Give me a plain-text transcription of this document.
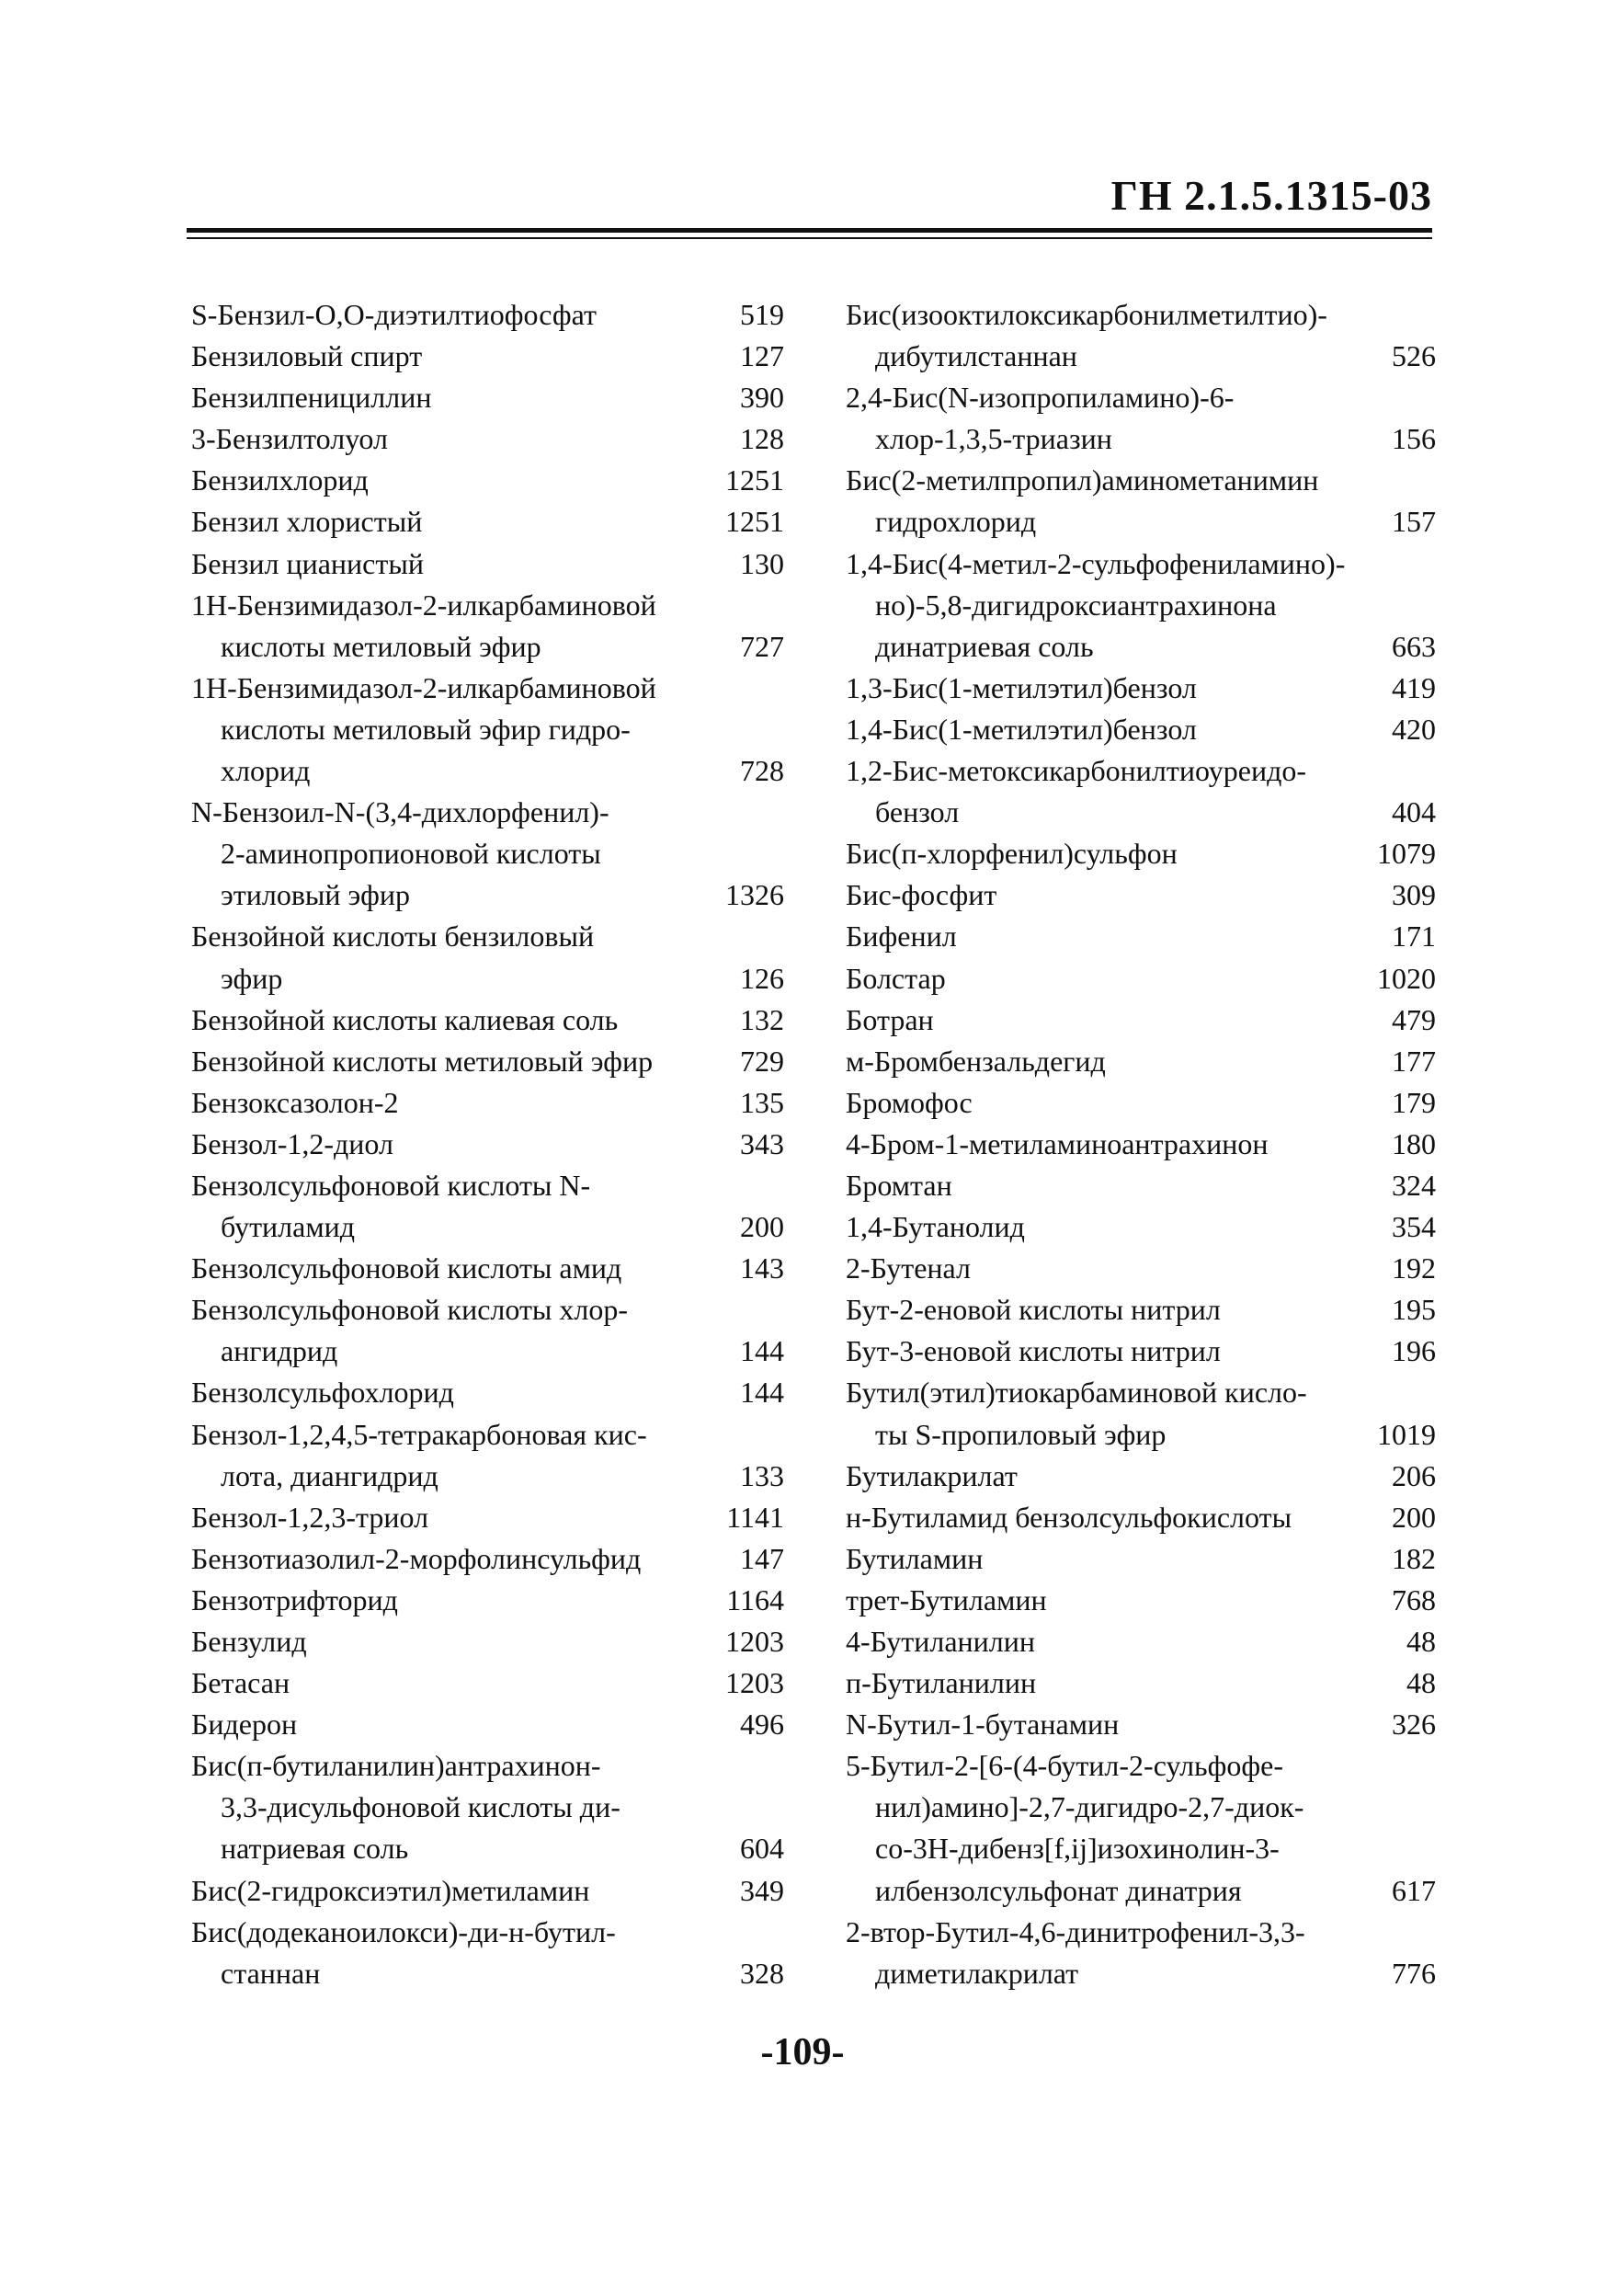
ГН 2.1.5.1315-03
S-Бензил-О,О-диэтилтиофосфат	519
Бензиловый спирт	127
Бензилпенициллин	390
3-Бензилтолуол	128
Бензилхлорид	1251
Бензил хлористый	1251
Бензил цианистый	130
1Н-Бензимидазол-2-илкарбаминовой
кислоты метиловый эфир	727
1Н-Бензимидазол-2-илкарбаминовой
кислоты метиловый эфир гидро-
хлорид	728
N-Бензоил-N-(3,4-дихлорфенил)-
2-аминопропионовой кислоты
этиловый эфир	1326
Бензойной кислоты бензиловый
эфир	126
Бензойной кислоты калиевая соль	132
Бензойной кислоты метиловый эфир	729
Бензоксазолон-2	135
Бензол-1,2-диол	343
Бензолсульфоновой кислоты N-
бутиламид	200
Бензолсульфоновой кислоты амид	143
Бензолсульфоновой кислоты хлор-
ангидрид	144
Бензолсульфохлорид	144
Бензол-1,2,4,5-тетракарбоновая кис-
лота, диангидрид	133
Бензол-1,2,3-триол	1141
Бензотиазолил-2-морфолинсульфид	147
Бензотрифторид	1164
Бензулид	1203
Бетасан	1203
Бидерон	496
Бис(п-бутиланилин)антрахинон-
3,3-дисульфоновой кислоты ди-
натриевая соль	604
Бис(2-гидроксиэтил)метиламин	349
Бис(додеканоилокси)-ди-н-бутил-
станнан	328
Бис(изооктилоксикарбонилметилтио)-
дибутилстаннан	526
2,4-Бис(N-изопропиламино)-6-
хлор-1,3,5-триазин	156
Бис(2-метилпропил)аминометанимин
гидрохлорид	157
1,4-Бис(4-метил-2-сульфофениламино)-
но)-5,8-дигидроксиантрахинона
динатриевая соль	663
1,3-Бис(1-метилэтил)бензол	419
1,4-Бис(1-метилэтил)бензол	420
1,2-Бис-метоксикарбонилтиоуреидо-
бензол	404
Бис(п-хлорфенил)сульфон	1079
Бис-фосфит	309
Бифенил	171
Болстар	1020
Ботран	479
м-Бромбензальдегид	177
Бромофос	179
4-Бром-1-метиламиноантрахинон	180
Бромтан	324
1,4-Бутанолид	354
2-Бутенал	192
Бут-2-еновой кислоты нитрил	195
Бут-3-еновой кислоты нитрил	196
Бутил(этил)тиокарбаминовой кисло-
ты S-пропиловый эфир	1019
Бутилакрилат	206
н-Бутиламид бензолсульфокислоты	200
Бутиламин	182
трет-Бутиламин	768
4-Бутиланилин	48
п-Бутиланилин	48
N-Бутил-1-бутанамин	326
5-Бутил-2-[6-(4-бутил-2-сульфофе-
нил)амино]-2,7-дигидро-2,7-диок-
со-3Н-дибенз[f,ij]изохинолин-3-
илбензолсульфонат динатрия	617
2-втор-Бутил-4,6-динитрофенил-3,3-
диметилакрилат	776
-109-
